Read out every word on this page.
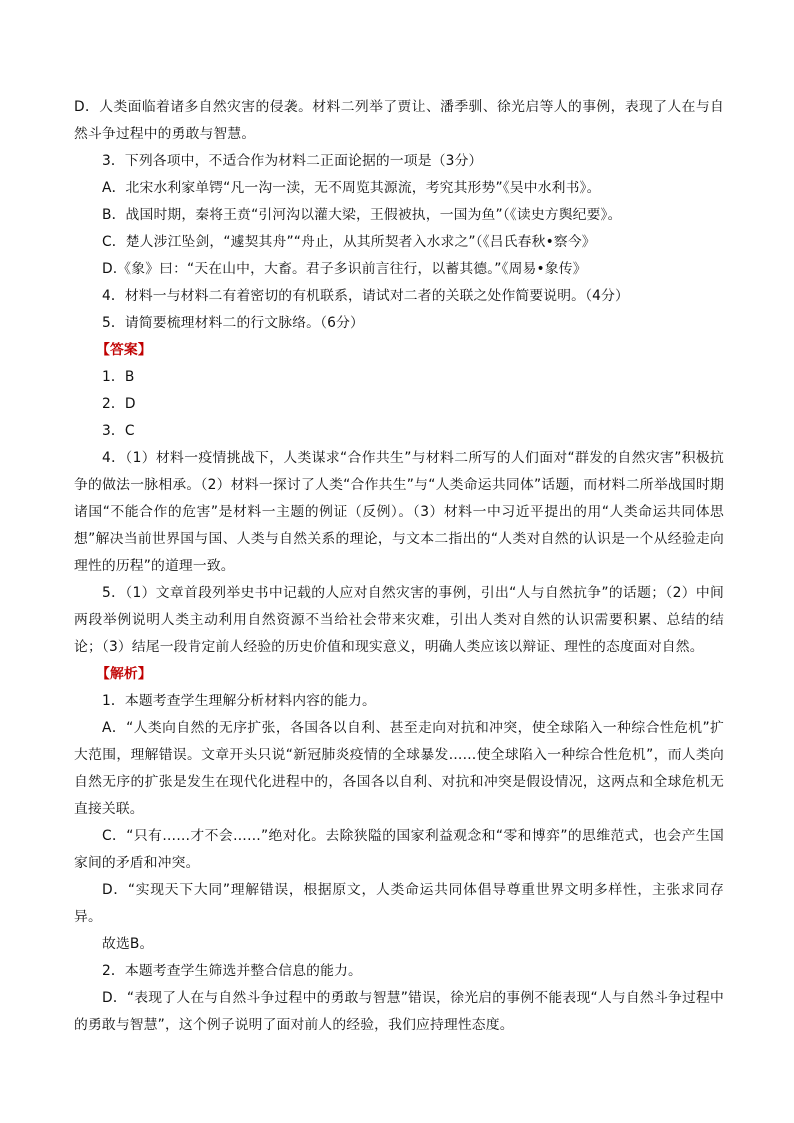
D．人类面临着诸多自然灾害的侵袭。材料二列举了贾让、潘季驯、徐光启等人的事例，表现了人在与自然斗争过程中的勇敢与智慧。

3．下列各项中，不适合作为材料二正面论据的一项是（3分）

A．北宋水利家单锷“凡一沟一渎，无不周览其源流，考究其形势”《吴中水利书》。

B．战国时期，秦将王贲“引河沟以灌大梁，王假被执，一国为鱼”（《读史方舆纪要》。

C．楚人涉江坠剑，“遽契其舟”“舟止，从其所契者入水求之”（《吕氏春秋•察今》

D.《象》曰：“天在山中，大畜。君子多识前言往行，以蓄其德。”《周易•象传》

4．材料一与材料二有着密切的有机联系，请试对二者的关联之处作简要说明。（4分）

5．请简要梳理材料二的行文脉络。（6分）

【答案】

1．B

2．D

3．C

4．（1）材料一疫情挑战下，人类谋求“合作共生”与材料二所写的人们面对“群发的自然灾害”积极抗争的做法一脉相承。（2）材料一探讨了人类“合作共生”与“人类命运共同体”话题，而材料二所举战国时期诸国“不能合作的危害”是材料一主题的例证（反例）。（3）材料一中习近平提出的用“人类命运共同体思想”解决当前世界国与国、人类与自然关系的理论，与文本二指出的“人类对自然的认识是一个从经验走向理性的历程”的道理一致。

5．（1）文章首段列举史书中记载的人应对自然灾害的事例，引出“人与自然抗争”的话题；（2）中间两段举例说明人类主动利用自然资源不当给社会带来灾难，引出人类对自然的认识需要积累、总结的结论；（3）结尾一段肯定前人经验的历史价值和现实意义，明确人类应该以辩证、理性的态度面对自然。

【解析】

1．本题考查学生理解分析材料内容的能力。

A．“人类向自然的无序扩张，各国各以自利、甚至走向对抗和冲突，使全球陷入一种综合性危机”扩大范围，理解错误。文章开头只说“新冠肺炎疫情的全球暴发……使全球陷入一种综合性危机”，而人类向自然无序的扩张是发生在现代化进程中的，各国各以自利、对抗和冲突是假设情况，这两点和全球危机无直接关联。

C．“只有……才不会……”绝对化。去除狭隘的国家利益观念和“零和博弈”的思维范式，也会产生国家间的矛盾和冲突。

D．“实现天下大同”理解错误，根据原文，人类命运共同体倡导尊重世界文明多样性，主张求同存异。

故选B。

2．本题考查学生筛选并整合信息的能力。

D．“表现了人在与自然斗争过程中的勇敢与智慧”错误，徐光启的事例不能表现“人与自然斗争过程中的勇敢与智慧”，这个例子说明了面对前人的经验，我们应持理性态度。
